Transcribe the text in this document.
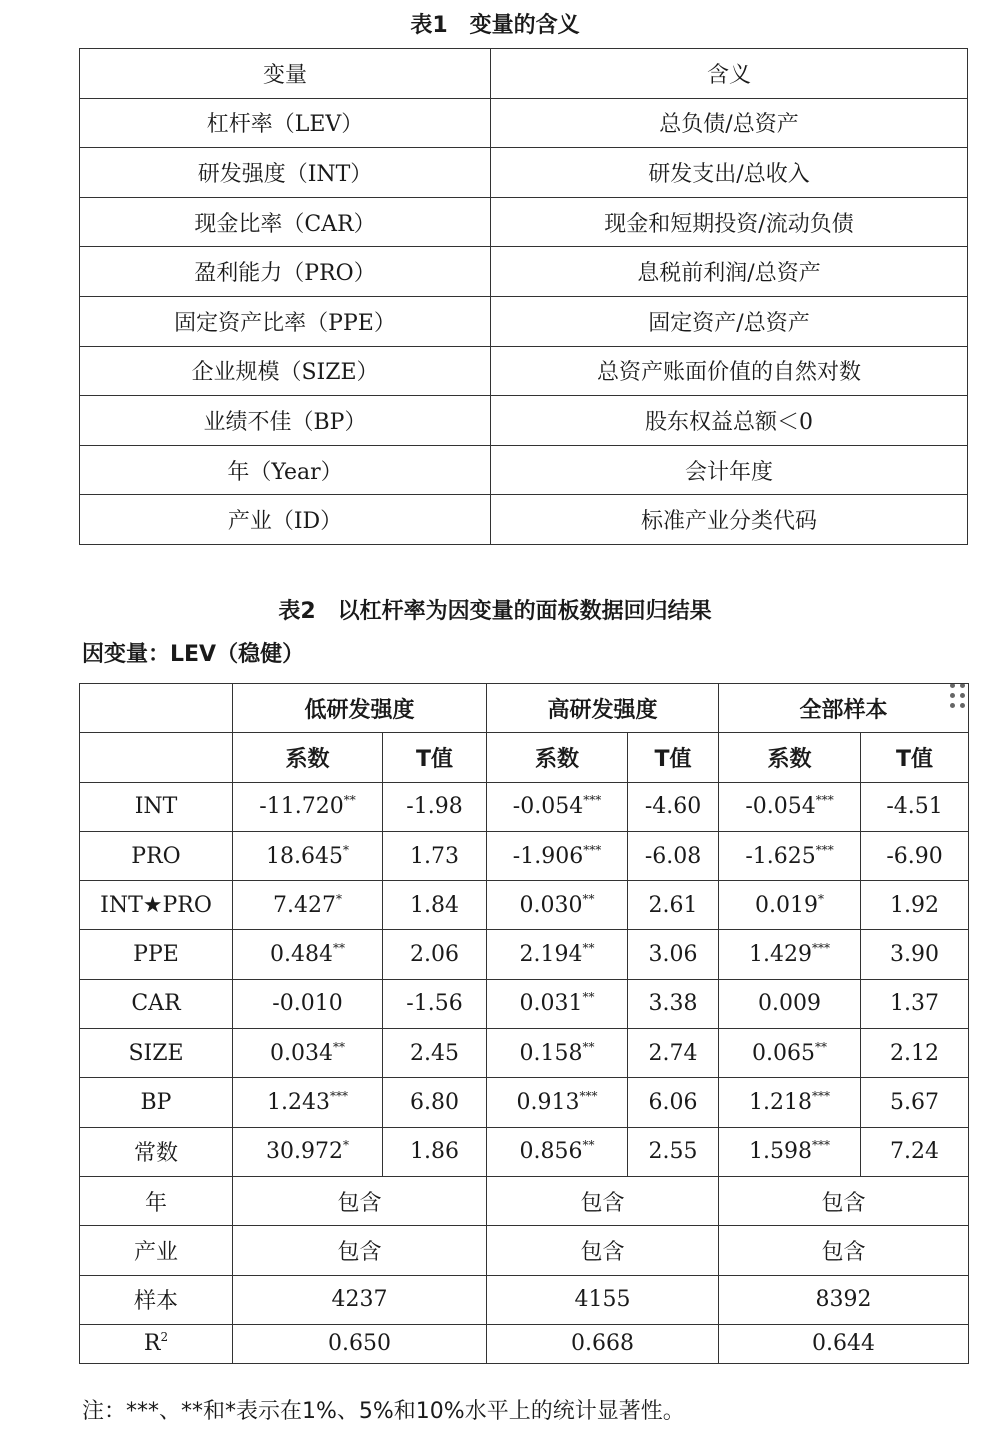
表1　变量的含义
变量	含义
杠杆率（LEV）	总负债/总资产
研发强度（INT）	研发支出/总收入
现金比率（CAR）	现金和短期投资/流动负债
盈利能力（PRO）	息税前利润/总资产
固定资产比率（PPE）	固定资产/总资产
企业规模（SIZE）	总资产账面价值的自然对数
业绩不佳（BP）	股东权益总额＜0
年（Year）	会计年度
产业（ID）	标准产业分类代码
表2　以杠杆率为因变量的面板数据回归结果
因变量：LEV（稳健）
	低研发强度		高研发强度		全部样本	
	系数	T值	系数	T值	系数	T值
INT	-11.720**	-1.98	-0.054***	-4.60	-0.054***	-4.51
PRO	18.645*	1.73	-1.906***	-6.08	-1.625***	-6.90
INT★PRO	7.427*	1.84	0.030**	2.61	0.019*	1.92
PPE	0.484**	2.06	2.194**	3.06	1.429***	3.90
CAR	-0.010	-1.56	0.031**	3.38	0.009	1.37
SIZE	0.034**	2.45	0.158**	2.74	0.065**	2.12
BP	1.243***	6.80	0.913***	6.06	1.218***	5.67
常数	30.972*	1.86	0.856**	2.55	1.598***	7.24
年	包含		包含		包含	
产业	包含		包含		包含	
样本	4237		4155		8392	
$R^2$	0.650		0.668		0.644	
注：***、**和*表示在1%、5%和10%水平上的统计显著性。
